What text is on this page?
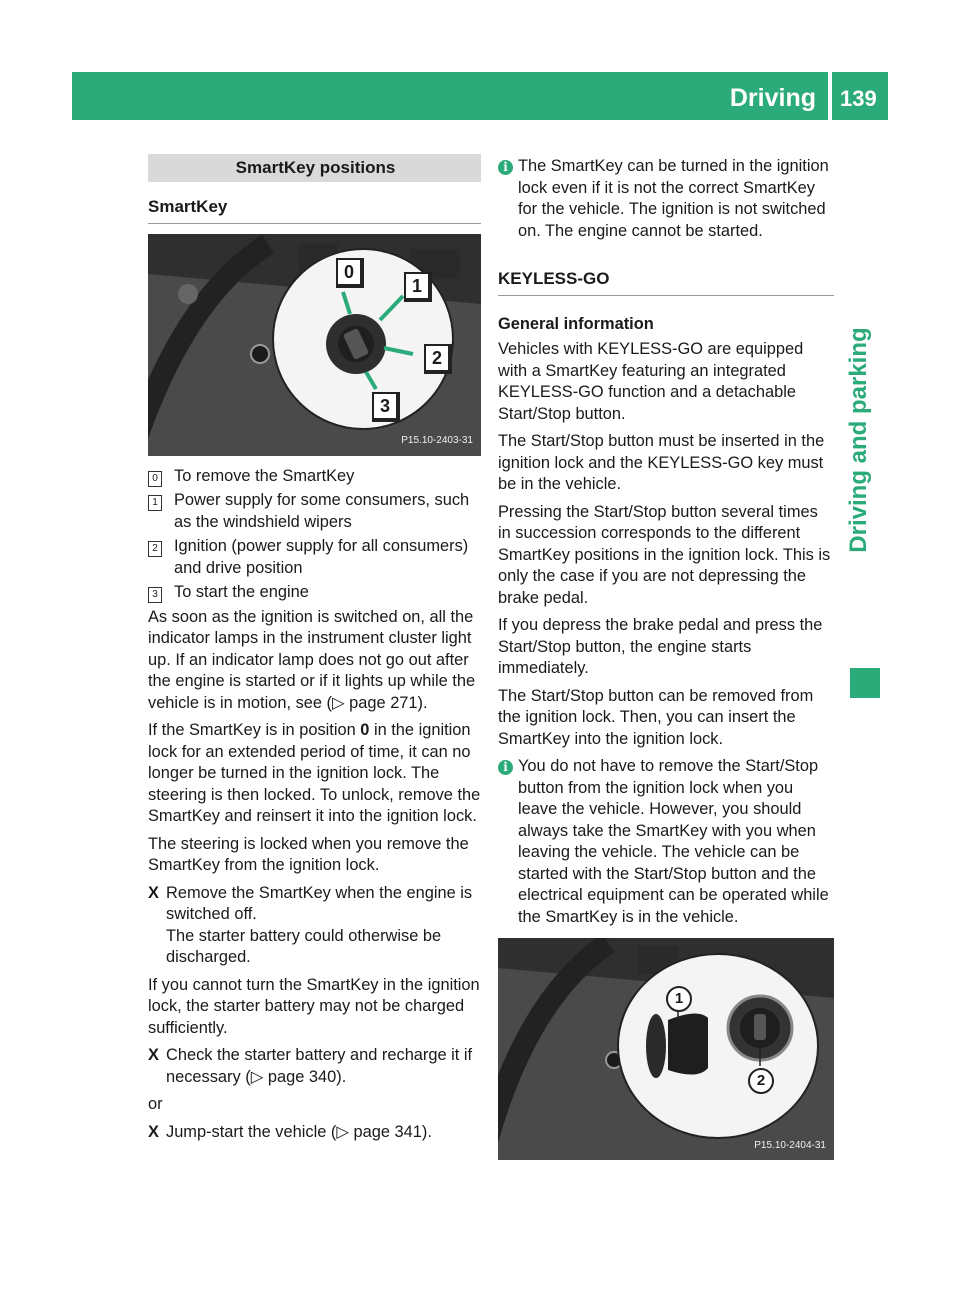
Driving 139
Driving and parking
SmartKey positions
SmartKey
0
1
2
3
P15.10-2403-31
0 To remove the SmartKey
1 Power supply for some consumers, such as the windshield wipers
2 Ignition (power supply for all consumers) and drive position
3 To start the engine

As soon as the ignition is switched on, all the indicator lamps in the instrument cluster light up. If an indicator lamp does not go out after the engine is started or if it lights up while the vehicle is in motion, see (▷ page 271).

If the SmartKey is in position 0 in the ignition lock for an extended period of time, it can no longer be turned in the ignition lock. The steering is then locked. To unlock, remove the SmartKey and reinsert it into the ignition lock.

The steering is locked when you remove the SmartKey from the ignition lock.

X Remove the SmartKey when the engine is switched off.
The starter battery could otherwise be discharged.

If you cannot turn the SmartKey in the ignition lock, the starter battery may not be charged sufficiently.

X Check the starter battery and recharge it if necessary (▷ page 340).

or

X Jump-start the vehicle (▷ page 341).
i The SmartKey can be turned in the ignition lock even if it is not the correct SmartKey for the vehicle. The ignition is not switched on. The engine cannot be started.
KEYLESS-GO
General information

Vehicles with KEYLESS-GO are equipped with a SmartKey featuring an integrated KEYLESS-GO function and a detachable Start/Stop button.

The Start/Stop button must be inserted in the ignition lock and the KEYLESS-GO key must be in the vehicle.

Pressing the Start/Stop button several times in succession corresponds to the different SmartKey positions in the ignition lock. This is only the case if you are not depressing the brake pedal.

If you depress the brake pedal and press the Start/Stop button, the engine starts immediately.

The Start/Stop button can be removed from the ignition lock. Then, you can insert the SmartKey into the ignition lock.

i You do not have to remove the Start/Stop button from the ignition lock when you leave the vehicle. However, you should always take the SmartKey with you when leaving the vehicle. The vehicle can be started with the Start/Stop button and the electrical equipment can be operated while the SmartKey is in the vehicle.
1
2
P15.10-2404-31
